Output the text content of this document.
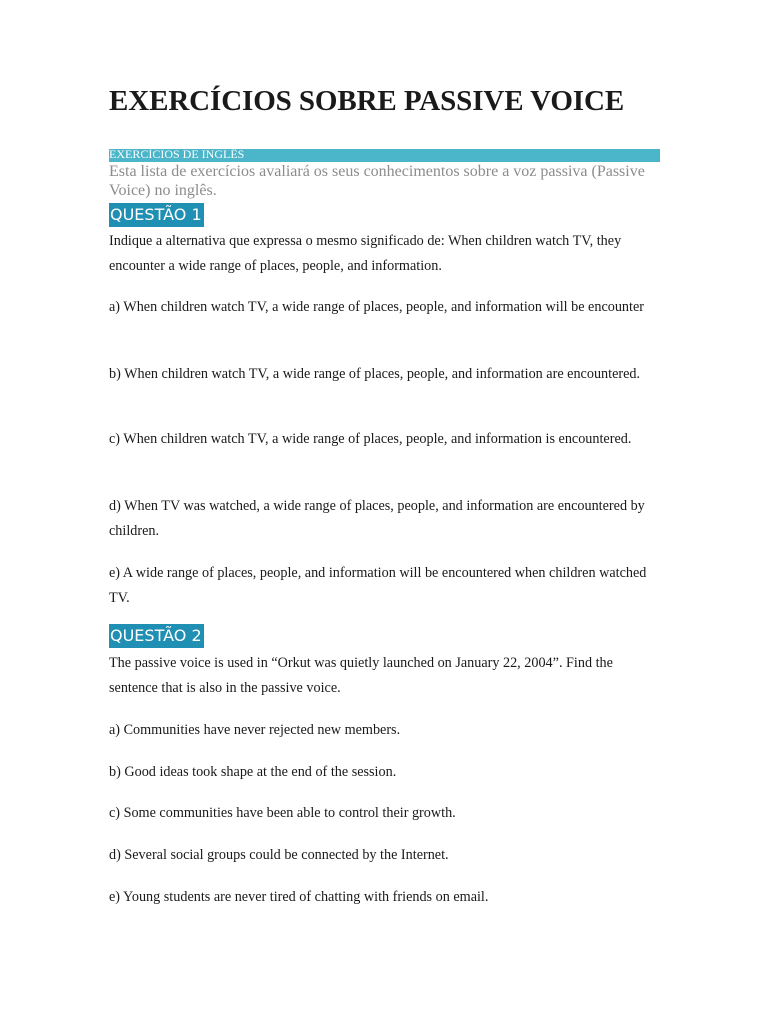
EXERCÍCIOS SOBRE PASSIVE VOICE
EXERCÍCIOS DE INGLÊS

Esta lista de exercícios avaliará os seus conhecimentos sobre a voz passiva (Passive Voice) no inglês.

QUESTÃO 1

Indique a alternativa que expressa o mesmo significado de: When children watch TV, they encounter a wide range of places, people, and information.

a) When children watch TV, a wide range of places, people, and information will be encounter

b) When children watch TV, a wide range of places, people, and information are encountered.

c) When children watch TV, a wide range of places, people, and information is encountered.

d) When TV was watched, a wide range of places, people, and information are encountered by children.

e) A wide range of places, people, and information will be encountered when children watched TV.

QUESTÃO 2

The passive voice is used in “Orkut was quietly launched on January 22, 2004”. Find the sentence that is also in the passive voice.

a) Communities have never rejected new members.

b) Good ideas took shape at the end of the session.

c) Some communities have been able to control their growth.

d) Several social groups could be connected by the Internet.

e) Young students are never tired of chatting with friends on email.
